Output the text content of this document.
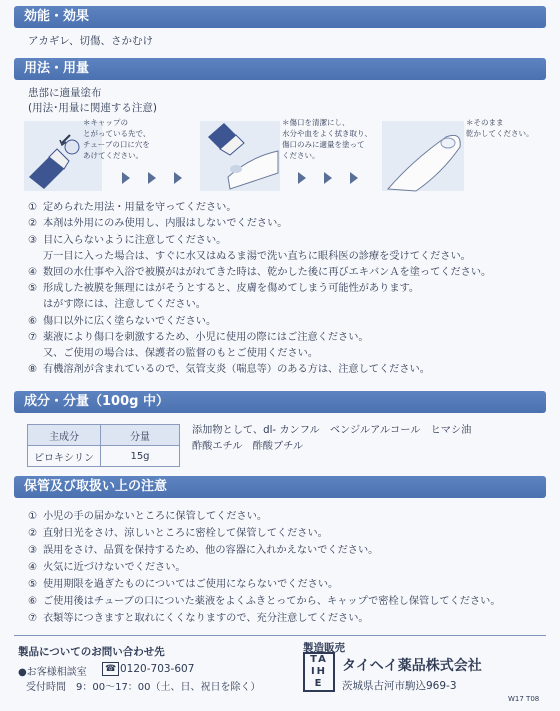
効能・効果
アカギレ、切傷、さかむけ
用法・用量
患部に適量塗布
(用法･用量に関連する注意)
＊キャップの
とがっている先で、
チューブの口に穴を
あけてください。
＊傷口を清潔にし、
水分や血をよく拭き取り、
傷口のみに適量を塗って
ください。
＊そのまま
乾かしてください。
① 定められた用法・用量を守ってください。
② 本剤は外用にのみ使用し、内服はしないでください。
③ 目に入らないように注意してください。
万一目に入った場合は、すぐに水又はぬるま湯で洗い直ちに眼科医の診療を受けてください。
④ 数回の水仕事や入浴で被膜がはがれてきた時は、乾かした後に再びエキバンＡを塗ってください。
⑤ 形成した被膜を無理にはがそうとすると、皮膚を傷めてしまう可能性があります。
はがす際には、注意してください。
⑥ 傷口以外に広く塗らないでください。
⑦ 薬液により傷口を刺激するため、小児に使用の際にはご注意ください。
又、ご使用の場合は、保護者の監督のもとご使用ください。
⑧ 有機溶剤が含まれているので、気管支炎（喘息等）のある方は、注意してください。
成分・分量（100g 中）
主成分	分量
ピロキシリン	15g
添加物として、dl- カンフル　ベンジルアルコール　ヒマシ油
酢酸エチル　酢酸ブチル
保管及び取扱い上の注意
① 小児の手の届かないところに保管してください。
② 直射日光をさけ、涼しいところに密栓して保管してください。
③ 誤用をさけ、品質を保持するため、他の容器に入れかえないでください。
④ 火気に近づけないでください。
⑤ 使用期限を過ぎたものについてはご使用にならないでください。
⑥ ご使用後はチューブの口についた薬液をよくふきとってから、キャップで密栓し保管してください。
⑦ 衣類等につきますと取れにくくなりますので、充分注意してください。
製品についてのお問い合わせ先
●お客様相談室	☎ 0120-703-607
受付時間　9：00～17：00（土、日、祝日を除く）
製造販売
TAIHE
タイヘイ薬品株式会社
茨城県古河市駒込969-3
W17 T08
